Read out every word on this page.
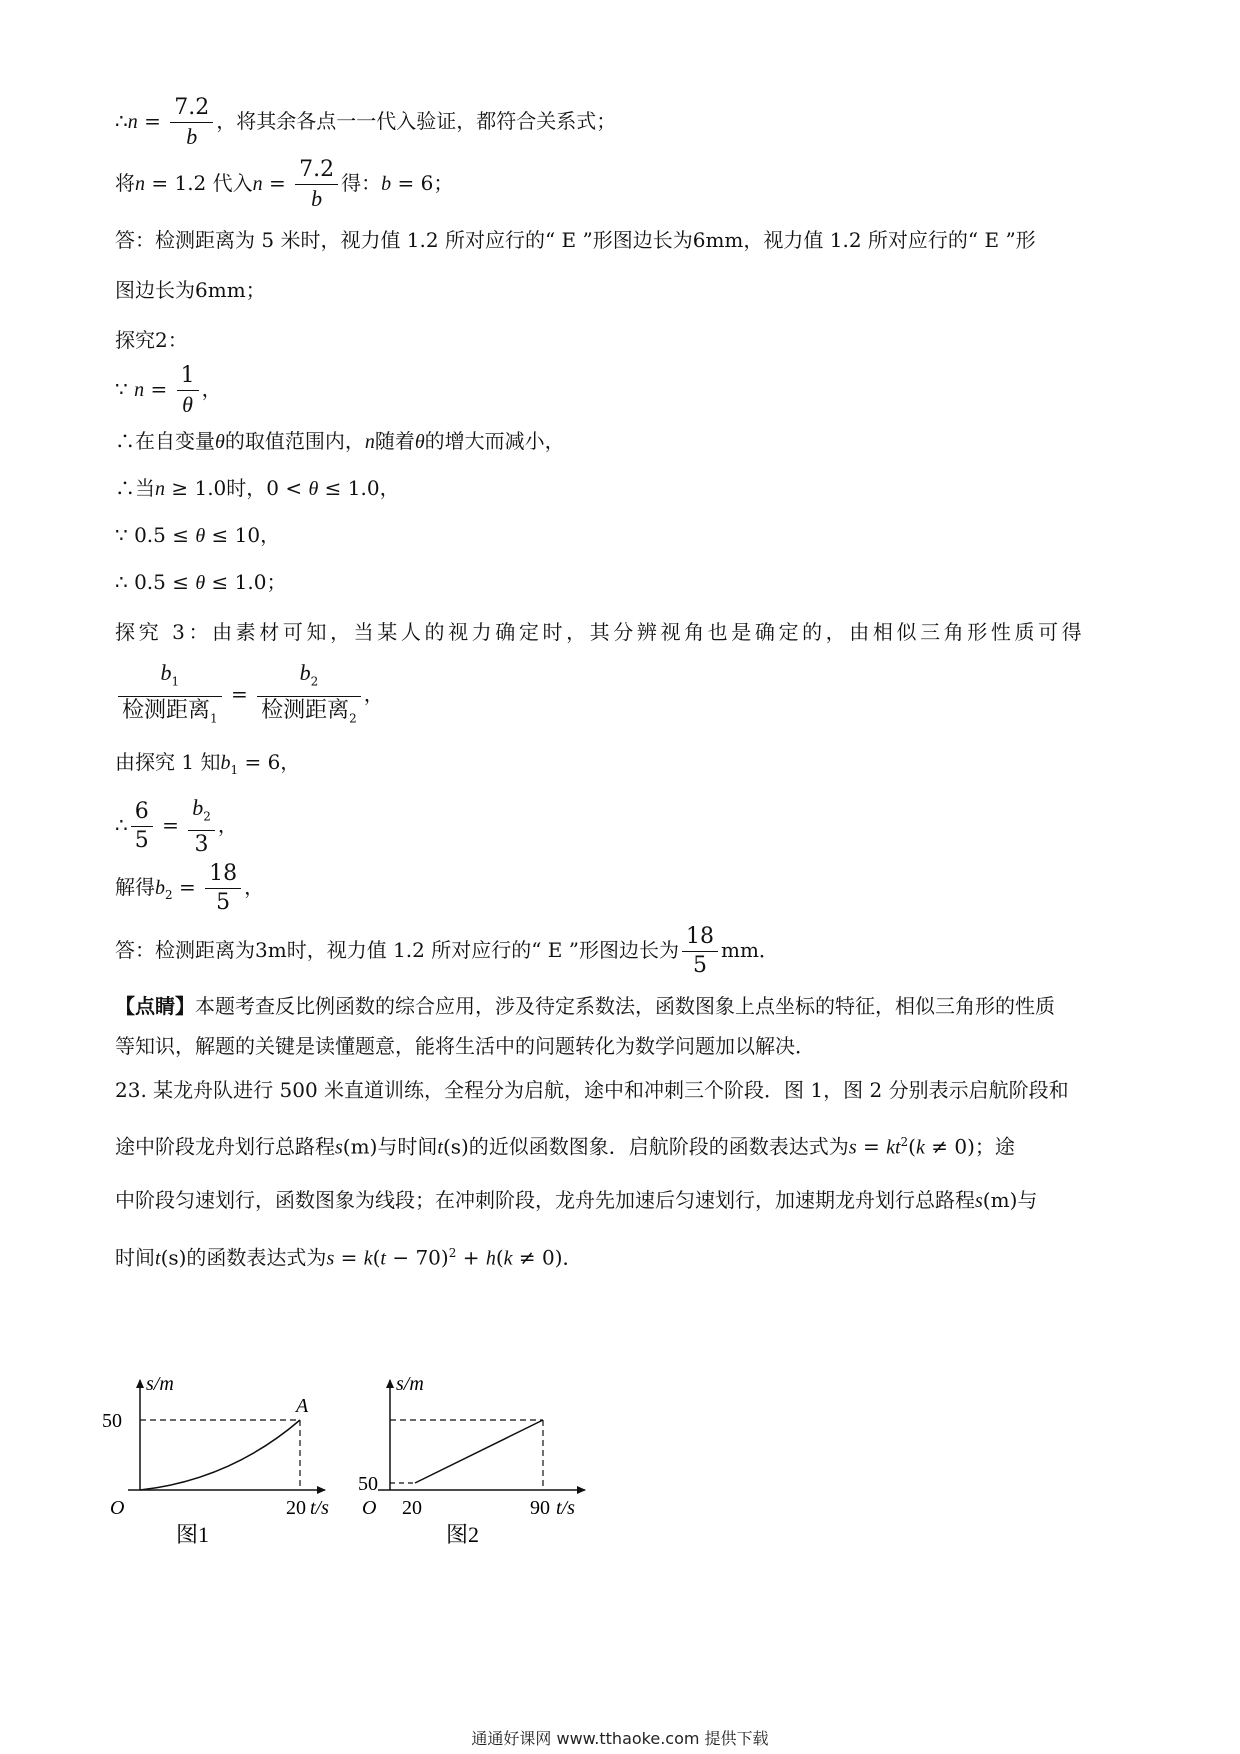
∴n = $\frac{7.2}{b}$ ，将其余各点一一代入验证，都符合关系式；
将n = 1.2 代入$n = \frac{7.2}{b}$ 得：b = 6；
答：检测距离为 5 米时，视力值 1.2 所对应行的“ E ”形图边长为6mm，视力值 1.2 所对应行的“ E ”形
图边长为6mm；
探究2：
∵ $n = \frac{1}{\theta}$ ，
∴在自变量θ的取值范围内，n随着θ的增大而减小，
∴当n ≥ 1.0时，0 < θ ≤ 1.0，
∵ 0.5 ≤ θ ≤ 10，
∴ 0.5 ≤ θ ≤ 1.0；
探究 3：由素材可知，当某人的视力确定时，其分辨视角也是确定的，由相似三角形性质可得
$\frac{b_1}{检测距离_1} = \frac{b_2}{检测距离_2}$ ，
由探究 1 知$b_1 = 6$，
∴ $\frac{6}{5} = \frac{b_2}{3}$ ，
解得$b_2 = \frac{18}{5}$ ，
答：检测距离为3m时，视力值 1.2 所对应行的“ E ”形图边长为 $\frac{18}{5}$ mm．
【点睛】本题考查反比例函数的综合应用，涉及待定系数法，函数图象上点坐标的特征，相似三角形的性质
等知识，解题的关键是读懂题意，能将生活中的问题转化为数学问题加以解决．
23. 某龙舟队进行 500 米直道训练，全程分为启航，途中和冲刺三个阶段．图 1，图 2 分别表示启航阶段和
途中阶段龙舟划行总路程s(m)与时间t(s)的近似函数图象．启航阶段的函数表达式为$s = kt^2(k \ne 0)$；途
中阶段匀速划行，函数图象为线段；在冲刺阶段，龙舟先加速后匀速划行，加速期龙舟划行总路程s(m)与
时间t(s)的函数表达式为$s = k(t - 70)^2 + h(k \ne 0)$．
s/m
50
A
O	20 t/s
图1
s/m
50
O 20	90 t/s
图2
通通好课网 www.tthaoke.com 提供下载
